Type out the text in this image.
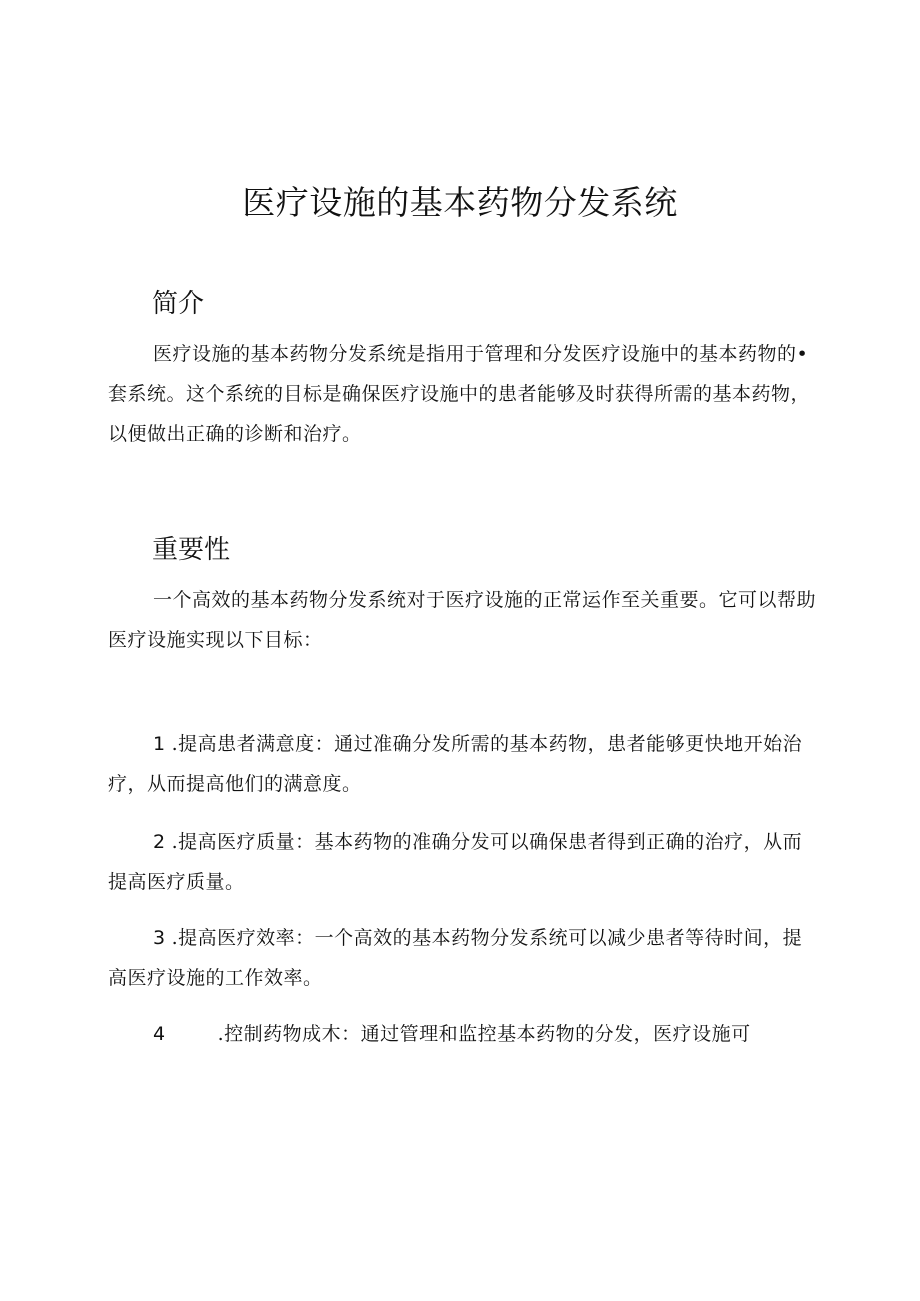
医疗设施的基本药物分发系统
简介

医疗设施的基本药物分发系统是指用于管理和分发医疗设施中的基本药物的•套系统。这个系统的目标是确保医疗设施中的患者能够及时获得所需的基本药物，以便做出正确的诊断和治疗。

重要性

一个高效的基本药物分发系统对于医疗设施的正常运作至关重要。它可以帮助医疗设施实现以下目标：

1 .提高患者满意度：通过准确分发所需的基本药物，患者能够更快地开始治疗，从而提高他们的满意度。

2 .提高医疗质量：基本药物的准确分发可以确保患者得到正确的治疗，从而提高医疗质量。

3 .提高医疗效率：一个高效的基本药物分发系统可以减少患者等待时间，提高医疗设施的工作效率。

4	.控制药物成木：通过管理和监控基本药物的分发，医疗设施可
